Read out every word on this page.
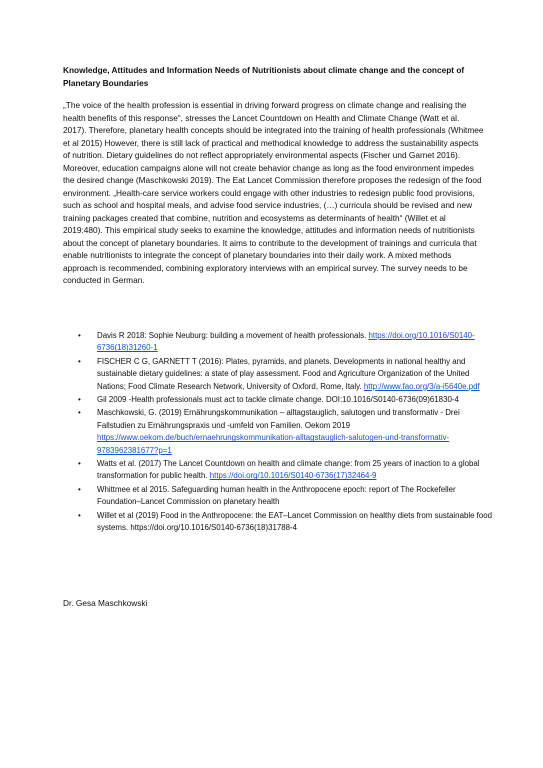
Knowledge, Attitudes and Information Needs of Nutritionists about climate change and the concept of Planetary Boundaries
„The voice of the health profession is essential in driving forward progress on climate change and realising the health benefits of this response“, stresses the Lancet Countdown on Health and Climate Change (Watt et al. 2017). Therefore, planetary health concepts should be integrated into the training of health professionals (Whitmee et al 2015) However, there is still lack of practical and methodical knowledge to address the sustainability aspects of nutrition. Dietary guidelines do not reflect appropriately environmental aspects (Fischer und Garnet 2016). Moreover, education campaigns alone will not create behavior change as long as the food environment impedes the desired change (Maschkowski 2019). The Eat Lancet Commission therefore proposes the redesign of the food environment. „Health-care service workers could engage with other industries to redesign public food provisions, such as school and hospital meals, and advise food service industries, (…) curricula should be revised and new training packages created that combine, nutrition and ecosystems as determinants of health“ (Willet et al 2019:480). This empirical study seeks to examine the knowledge, attitudes and information needs of nutritionists about the concept of planetary boundaries. It aims to contribute to the development of trainings and curricula that enable nutritionists to integrate the concept of planetary boundaries into their daily work. A mixed methods approach is recommended, combining exploratory interviews with an empirical survey. The survey needs to be conducted in German.
• Davis R 2018: Sophie Neuburg: building a movement of health professionals. https://doi.org/10.1016/S0140-6736(18)31260-1
• FISCHER C G, GARNETT T (2016): Plates, pyramids, and planets. Developments in national healthy and sustainable dietary guidelines: a state of play assessment. Food and Agriculture Organization of the United Nations; Food Climate Research Network, University of Oxford, Rome, Italy. http://www.fao.org/3/a-i5640e.pdf
• Gil 2009 -Health professionals must act to tackle climate change. DOI:10.1016/S0140-6736(09)61830-4
• Maschkowski, G. (2019) Ernährungskommunikation – alltagstauglich, salutogen und transformativ - Drei Fallstudien zu Ernährungspraxis und -umfeld von Familien. Oekom 2019 https://www.oekom.de/buch/ernaehrungskommunikation-alltagstauglich-salutogen-und-transformativ-9783962381677?p=1
• Watts et al. (2017) The Lancet Countdown on health and climate change: from 25 years of inaction to a global transformation for public health. https://doi.org/10.1016/S0140-6736(17)32464-9
• Whittmee et al 2015. Safeguarding human health in the Anthropocene epoch: report of The Rockefeller Foundation–Lancet Commission on planetary health
• Willet et al (2019) Food in the Anthropocene: the EAT–Lancet Commission on healthy diets from sustainable food systems. https://doi.org/10.1016/S0140-6736(18)31788-4
Dr. Gesa Maschkowski
